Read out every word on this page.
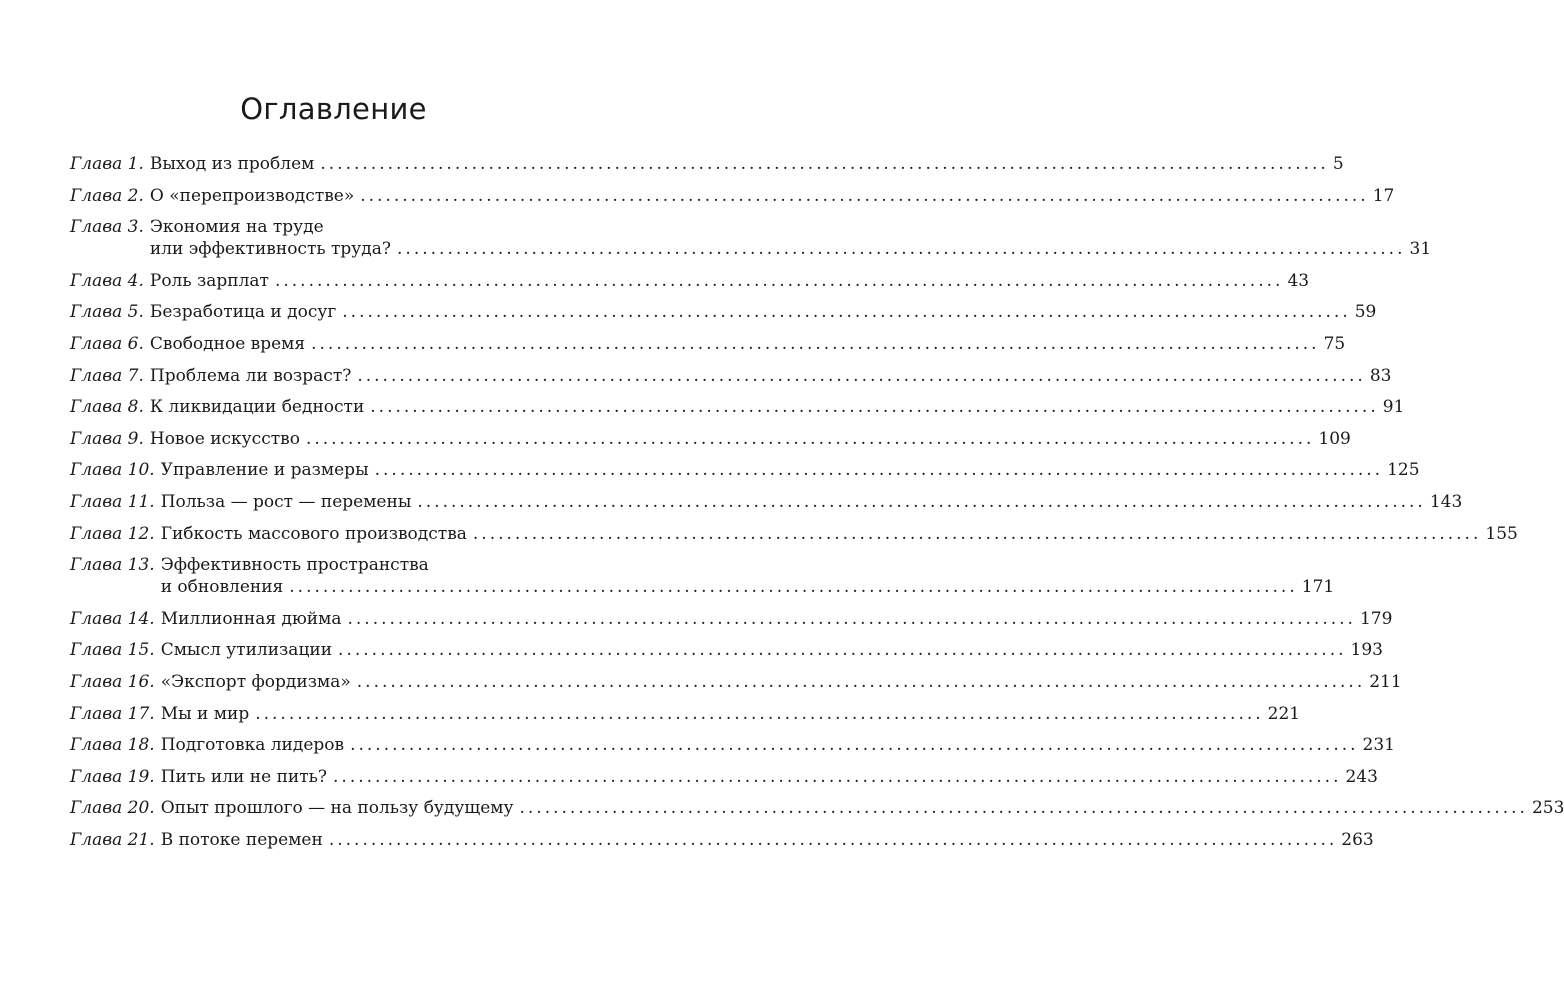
Оглавление
Глава 1. Выход из проблем ........................................................................................................................ 5
Глава 2. О «перепроизводстве» ........................................................................................................................ 17
Глава 3. Экономия на труде
или эффективность труда? ........................................................................................................................ 31
Глава 4. Роль зарплат ........................................................................................................................ 43
Глава 5. Безработица и досуг ........................................................................................................................ 59
Глава 6. Свободное время ........................................................................................................................ 75
Глава 7. Проблема ли возраст? ........................................................................................................................ 83
Глава 8. К ликвидации бедности ........................................................................................................................ 91
Глава 9. Новое искусство ........................................................................................................................ 109
Глава 10. Управление и размеры ........................................................................................................................ 125
Глава 11. Польза — рост — перемены ........................................................................................................................ 143
Глава 12. Гибкость массового производства ........................................................................................................................ 155
Глава 13. Эффективность пространства
и обновления ........................................................................................................................ 171
Глава 14. Миллионная дюйма ........................................................................................................................ 179
Глава 15. Смысл утилизации ........................................................................................................................ 193
Глава 16. «Экспорт фордизма» ........................................................................................................................ 211
Глава 17. Мы и мир ........................................................................................................................ 221
Глава 18. Подготовка лидеров ........................................................................................................................ 231
Глава 19. Пить или не пить? ........................................................................................................................ 243
Глава 20. Опыт прошлого — на пользу будущему ........................................................................................................................ 253
Глава 21. В потоке перемен ........................................................................................................................ 263
